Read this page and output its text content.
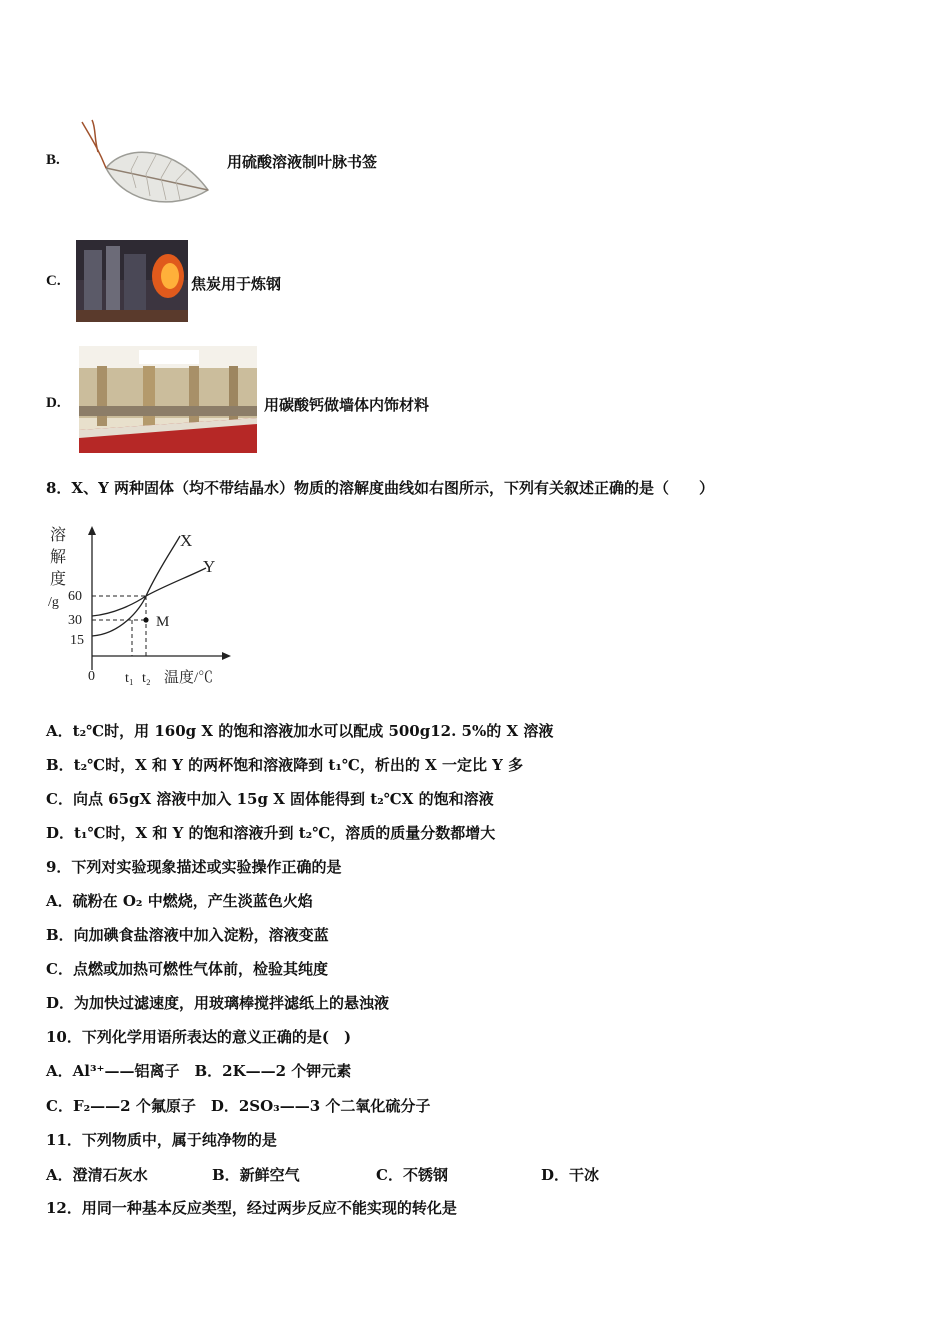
B.	用硫酸溶液制叶脉书签
C.	焦炭用于炼钢
D.	用碳酸钙做墙体内饰材料
8．X、Y 两种固体（均不带结晶水）物质的溶解度曲线如右图所示，下列有关叙述正确的是（　　）
溶
解
度
/g
X
Y
M
60
30
15
0 t₁ t₂ 温度/℃
A．t₂℃时，用 160g X 的饱和溶液加水可以配成 500g12. 5%的 X 溶液
B．t₂℃时，X 和 Y 的两杯饱和溶液降到 t₁℃，析出的 X 一定比 Y 多
C．向点 65gX 溶液中加入 15g X 固体能得到 t₂℃X 的饱和溶液
D．t₁℃时，X 和 Y 的饱和溶液升到 t₂℃，溶质的质量分数都增大
9．下列对实验现象描述或实验操作正确的是
A．硫粉在 O₂ 中燃烧，产生淡蓝色火焰
B．向加碘食盐溶液中加入淀粉，溶液变蓝
C．点燃或加热可燃性气体前，检验其纯度
D．为加快过滤速度，用玻璃棒搅拌滤纸上的悬浊液
10．下列化学用语所表达的意义正确的是(　)
A．Al³⁺——铝离子　B．2K——2 个钾元素
C．F₂——2 个氟原子　D．2SO₃——3 个二氧化硫分子
11．下列物质中，属于纯净物的是
A．澄清石灰水	B．新鲜空气	C．不锈钢	D．干冰
12．用同一种基本反应类型，经过两步反应不能实现的转化是
